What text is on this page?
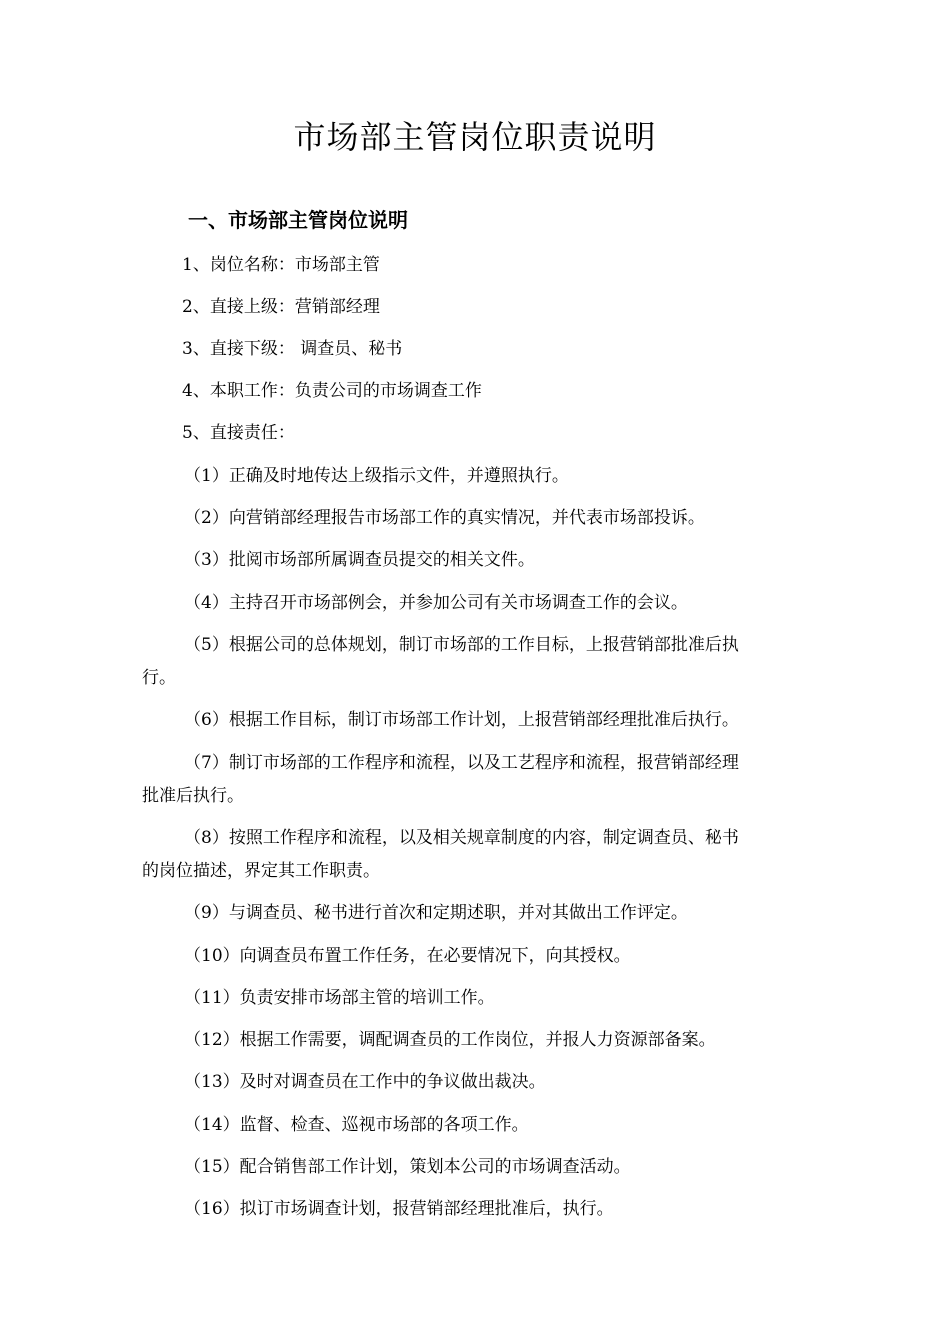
市场部主管岗位职责说明
一、市场部主管岗位说明
1、岗位名称：市场部主管
2、直接上级：营销部经理
3、直接下级： 调查员、秘书
4、本职工作：负责公司的市场调查工作
5、直接责任：
（1）正确及时地传达上级指示文件，并遵照执行。
（2）向营销部经理报告市场部工作的真实情况，并代表市场部投诉。
（3）批阅市场部所属调查员提交的相关文件。
（4）主持召开市场部例会，并参加公司有关市场调查工作的会议。
（5）根据公司的总体规划，制订市场部的工作目标，上报营销部批准后执
行。
（6）根据工作目标，制订市场部工作计划，上报营销部经理批准后执行。
（7）制订市场部的工作程序和流程，以及工艺程序和流程，报营销部经理
批准后执行。
（8）按照工作程序和流程，以及相关规章制度的内容，制定调查员、秘书
的岗位描述，界定其工作职责。
（9）与调查员、秘书进行首次和定期述职，并对其做出工作评定。
（10）向调查员布置工作任务，在必要情况下，向其授权。
（11）负责安排市场部主管的培训工作。
（12）根据工作需要，调配调查员的工作岗位，并报人力资源部备案。
（13）及时对调查员在工作中的争议做出裁决。
（14）监督、检查、巡视市场部的各项工作。
（15）配合销售部工作计划，策划本公司的市场调查活动。
（16）拟订市场调查计划，报营销部经理批准后，执行。
